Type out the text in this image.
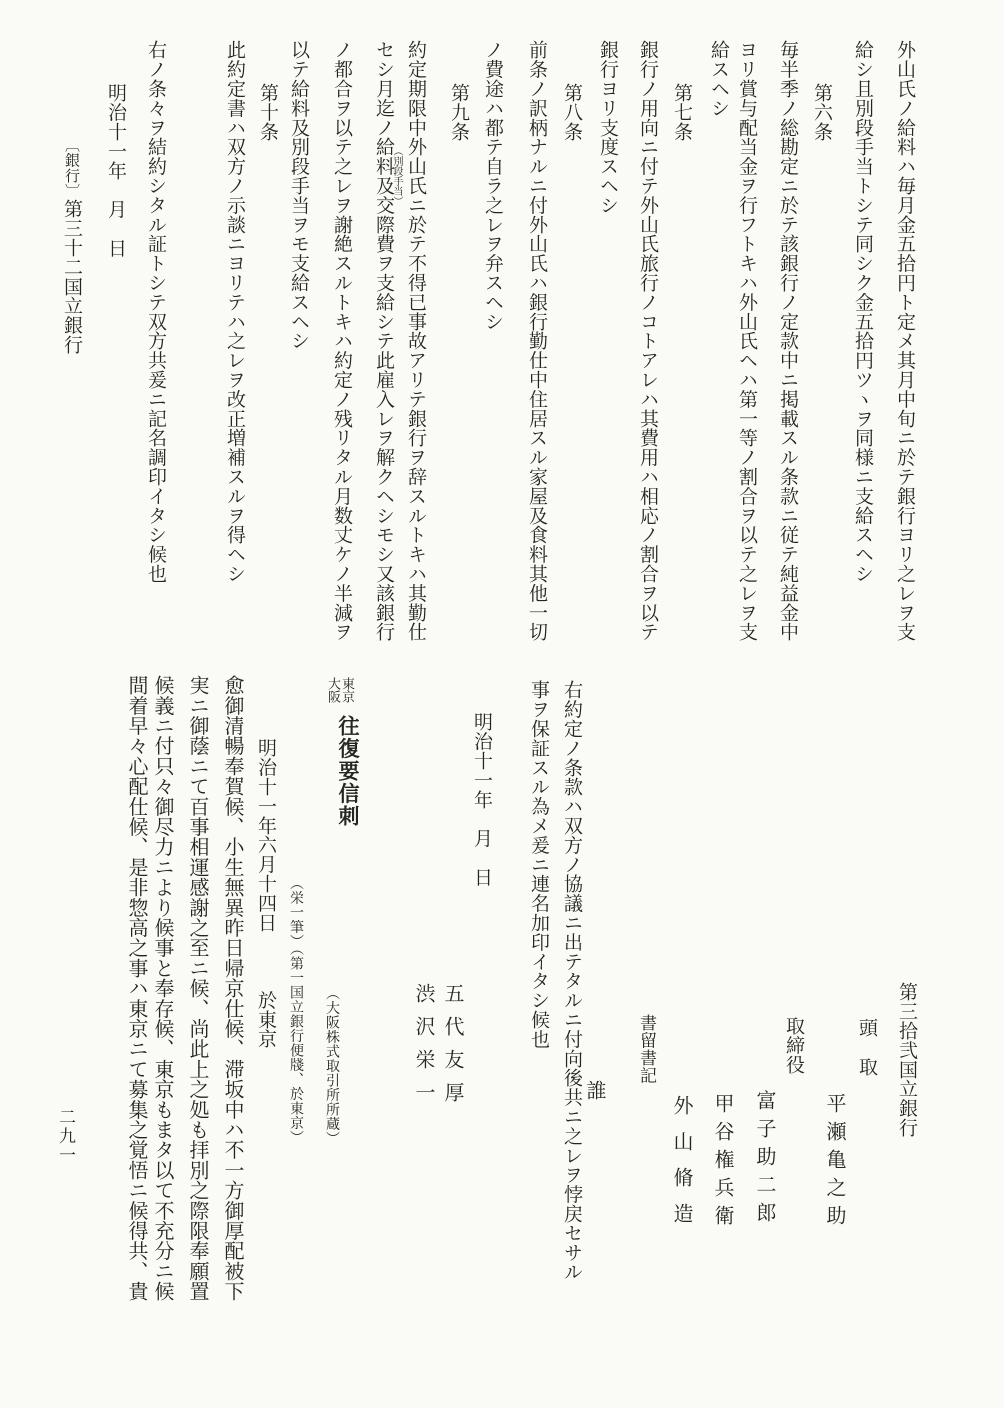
外山氏ノ給料ハ毎月金五拾円ト定メ其月中旬ニ於テ銀行ヨリ之レヲ支
給シ且別段手当トシテ同シク金五拾円ツヽヲ同様ニ支給スヘシ
第六条
毎半季ノ総勘定ニ於テ該銀行ノ定款中ニ掲載スル条款ニ従テ純益金中
ヨリ賞与配当金ヲ行フトキハ外山氏ヘハ第一等ノ割合ヲ以テ之レヲ支
給スヘシ
第七条
銀行ノ用向ニ付テ外山氏旅行ノコトアレハ其費用ハ相応ノ割合ヲ以テ
銀行ヨリ支度スヘシ
第八条
前条ノ訳柄ナルニ付外山氏ハ銀行勤仕中住居スル家屋及食料其他一切
ノ費途ハ都テ自ラ之レヲ弁スヘシ
第九条
約定期限中外山氏ニ於テ不得已事故アリテ銀行ヲ辞スルトキハ其勤仕
セシ月迄ノ給料及交際費ヲ支給シテ此雇入レヲ解クヘシモシ又該銀行
（別段手当）
ノ都合ヲ以テ之レヲ謝絶スルトキハ約定ノ残リタル月数丈ケノ半減ヲ
以テ給料及別段手当ヲモ支給スヘシ
第十条
此約定書ハ双方ノ示談ニヨリテハ之レヲ改正増補スルヲ得ヘシ
右ノ条々ヲ結約シタル証トシテ双方共爰ニ記名調印イタシ候也
明治十一年　月　日
〔銀行〕第三十二国立銀行
右約定ノ条款ハ双方ノ協議ニ出テタルニ付向後共ニ之レヲ悖戻セサル
事ヲ保証スル為メ爰ニ連名加印イタシ候也
明治十一年　月　日
第三拾弐国立銀行
頭　取
平瀬亀之助
取締役
富子助二郎
甲谷権兵衛
外山脩造
書留書記
誰
五代友厚
渋沢栄一
東京
大阪
往復要信刺
（大阪株式取引所所蔵）
（栄一筆）（第一国立銀行便牋、於東京）
明治十一年六月十四日　　　於東京
愈御清暢奉賀候、小生無異昨日帰京仕候、滞坂中ハ不一方御厚配被下
実ニ御蔭ニて百事相運感謝之至ニ候、尚此上之処も拝別之際限奉願置
候義ニ付只々御尽力ニより候事と奉存候、東京もまタ以て不充分ニ候
間着早々心配仕候、是非惣高之事ハ東京ニて募集之覚悟ニ候得共、貴
二九一
